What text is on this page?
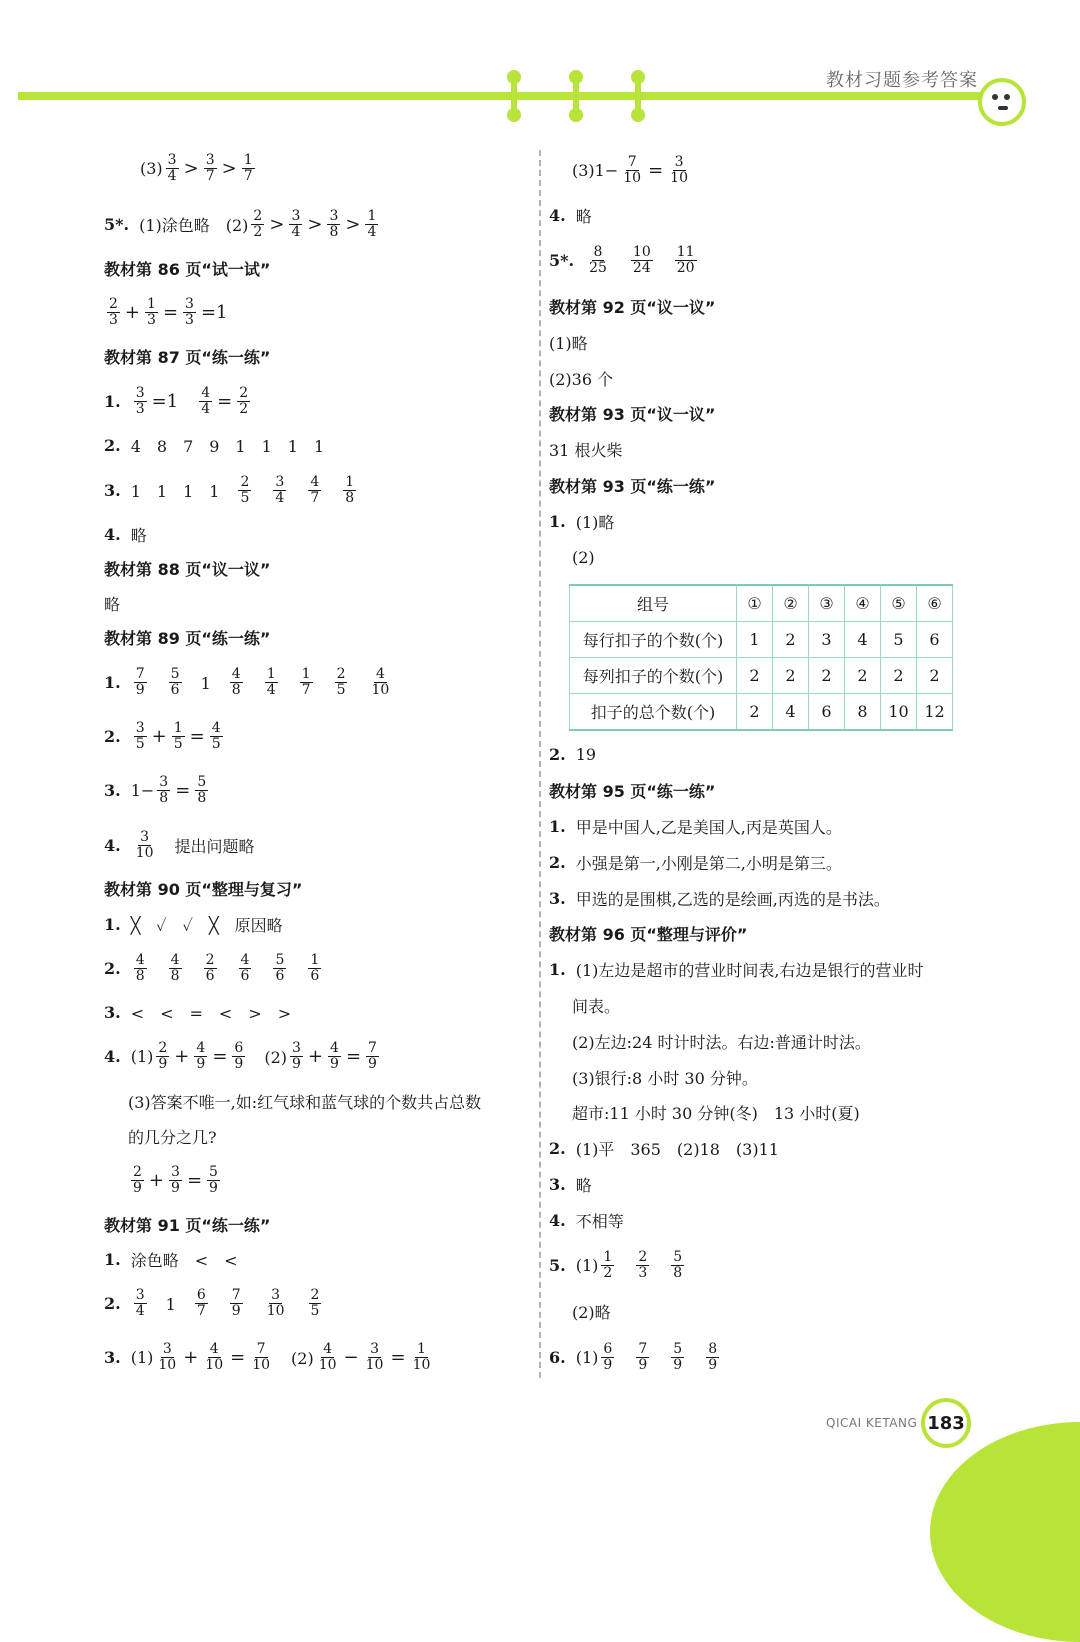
教材习题参考答案
$(3) \frac{3}{4} > \frac{3}{7} > \frac{1}{7}$
5*. (1)涂色略　$(2) \frac{2}{2} > \frac{3}{4} > \frac{3}{8} > \frac{1}{4}$
教材第 86 页“试一试”
$\frac{2}{3} + \frac{1}{3} = \frac{3}{3} =1$
教材第 87 页“练一练”
1. $\frac{3}{3} =1$
　 $\frac{4}{4} = \frac{2}{2}$
2. 4　8　7　9　1　1　1　1
3. 1　1　1　1　 $\frac{2}{5}$
　 $\frac{3}{4}$
　 $\frac{4}{7}$
　 $\frac{1}{8}$
4. 略
教材第 88 页“议一议”
略
教材第 89 页“练一练”
1. $\frac{7}{9}$
　 $\frac{5}{6}$ 　1　 $\frac{4}{8}$
　 $\frac{1}{4}$
　 $\frac{1}{7}$
　 $\frac{2}{5}$
　 $\frac{4}{10}$
2. $\frac{3}{5} + \frac{1}{5} = \frac{4}{5}$
3. $1- \frac{3}{8} = \frac{5}{8}$
4. $\frac{3}{10}$ 　提出问题略
教材第 90 页“整理与复习”
1. ╳　✓　✓　╳　原因略
2. $\frac{4}{8}$
　 $\frac{4}{8}$
　 $\frac{2}{6}$
　 $\frac{4}{6}$
　 $\frac{5}{6}$
　 $\frac{1}{6}$
3. <　<　=　<　>　>
4. $(1) \frac{2}{9} + \frac{4}{9} = \frac{6}{9}$ 　$(2) \frac{3}{9} + \frac{4}{9} = \frac{7}{9}$
(3)答案不唯一,如:红气球和蓝气球的个数共占总数
的几分之几?
$\frac{2}{9} + \frac{3}{9} = \frac{5}{9}$
教材第 91 页“练一练”
1. 涂色略　<　<
2. $\frac{3}{4}$ 　1　 $\frac{6}{7}$
　 $\frac{7}{9}$
　 $\frac{3}{10}$
　 $\frac{2}{5}$
3. $(1) \frac{3}{10} + \frac{4}{10} = \frac{7}{10}$ 　$(2) \frac{4}{10} - \frac{3}{10} = \frac{1}{10}$
$(3)1- \frac{7}{10} = \frac{3}{10}$
4. 略
5*. $\frac{8}{25}$
　 $\frac{10}{24}$
　 $\frac{11}{20}$
教材第 92 页“议一议”
(1)略
(2)36 个
教材第 93 页“议一议”
31 根火柴
教材第 93 页“练一练”
1. (1)略
(2)
2. 19
教材第 95 页“练一练”
1. 甲是中国人,乙是美国人,丙是英国人。
2. 小强是第一,小刚是第二,小明是第三。
3. 甲选的是围棋,乙选的是绘画,丙选的是书法。
教材第 96 页“整理与评价”
1. (1)左边是超市的营业时间表,右边是银行的营业时
间表。
(2)左边:24 时计时法。右边:普通计时法。
(3)银行:8 小时 30 分钟。
超市:11 小时 30 分钟(冬)　13 小时(夏)
2. (1)平　365　(2)18　(3)11
3. 略
4. 不相等
5. $(1) \frac{1}{2}$
　 $\frac{2}{3}$
　 $\frac{5}{8}$
(2)略
6. $(1) \frac{6}{9}$
　 $\frac{7}{9}$
　 $\frac{5}{9}$
　 $\frac{8}{9}$
组号	①	②	③	④	⑤	⑥
每行扣子的个数(个)	1	2	3	4	5	6
每列扣子的个数(个)	2	2	2	2	2	2
扣子的总个数(个)	2	4	6	8	10	12
QICAI KETANG 183
